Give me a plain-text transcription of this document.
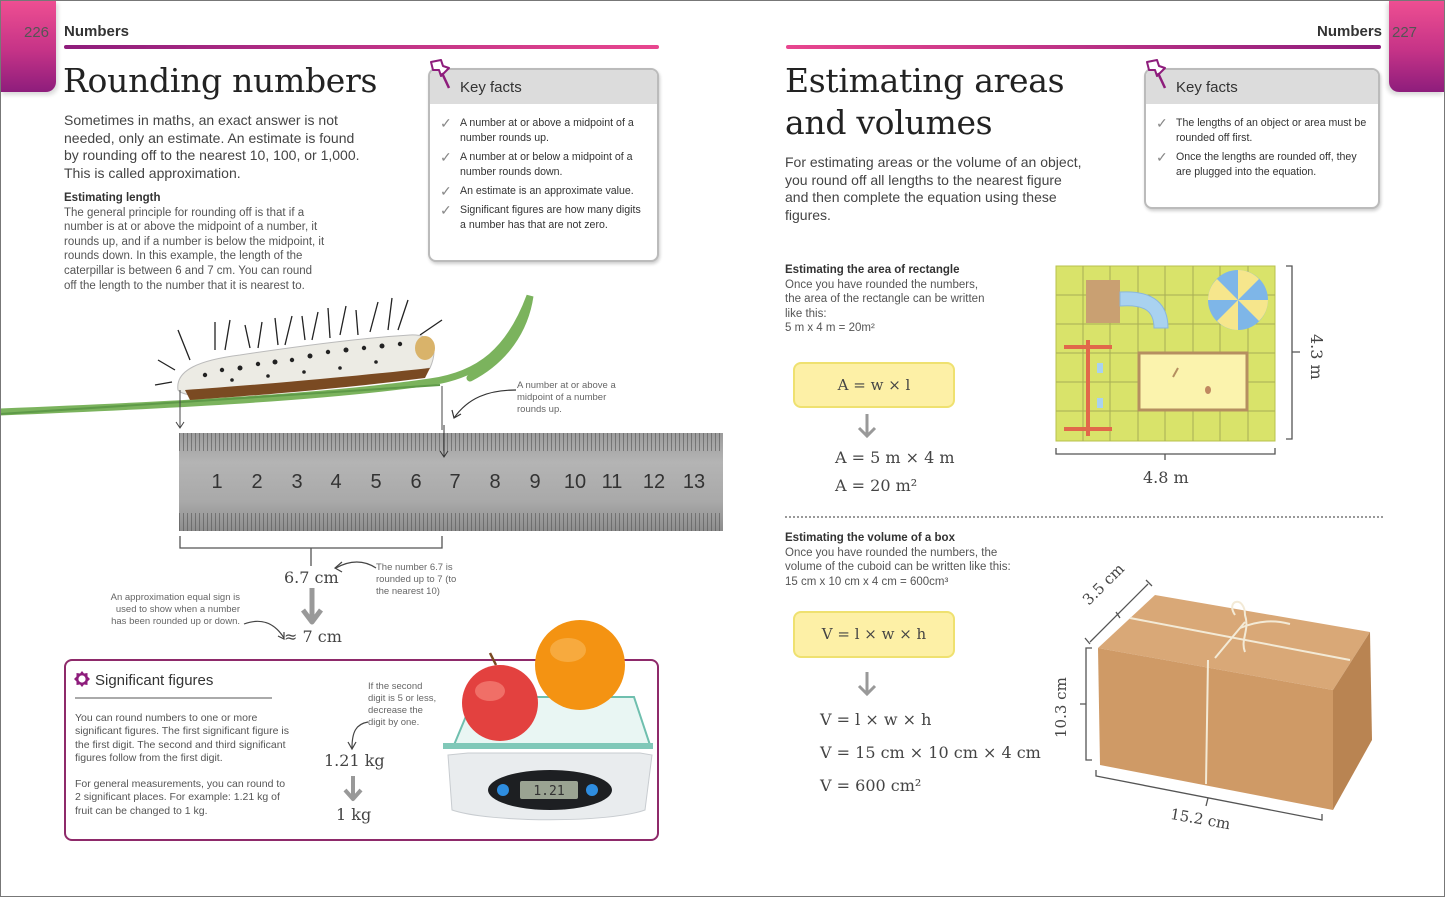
226 Numbers
Rounding numbers

Sometimes in maths, an exact answer is not needed, only an estimate. An estimate is found by rounding off to the nearest 10, 100, or 1,000. This is called approximation.

Estimating length
The general principle for rounding off is that if a number is at or above the midpoint of a number, it rounds up, and if a number is below the midpoint, it rounds down. In this example, the length of the caterpillar is between 6 and 7 cm. You can round off the length to the number that it is nearest to.
Key facts
✓ A number at or above a midpoint of a number rounds up.
✓ A number at or below a midpoint of a number rounds down.
✓ An estimate is an approximate value.
✓ Significant figures are how many digits a number has that are not zero.
A number at or above a midpoint of a number rounds up.
1 2 3 4 5 6 7 8 9 10 11 12 13
6.7 cm
The number 6.7 is rounded up to 7 (to the nearest 10)
An approximation equal sign is used to show when a number has been rounded up or down.
≈ 7 cm
Significant figures

You can round numbers to one or more significant figures. The first significant figure is the first digit. The second and third significant figures follow from the first digit.

For general measurements, you can round to 2 significant places. For example: 1.21 kg of fruit can be changed to 1 kg.

If the second digit is 5 or less, decrease the digit by one.
1.21 kg
1 kg
1.21
227
Numbers
Estimating areas
and volumes

For estimating areas or the volume of an object, you round off all lengths to the nearest figure and then complete the equation using these figures.

Key facts
✓ The lengths of an object or area must be rounded off first.
✓ Once the lengths are rounded off, they are plugged into the equation.
Estimating the area of rectangle
Once you have rounded the numbers, the area of the rectangle can be written like this:
5 m x 4 m = 20m²
A = w × l
A = 5 m × 4 m
A = 20 m²
4.3 m
4.8 m
Estimating the volume of a box
Once you have rounded the numbers, the volume of the cuboid can be written like this:
15 cm x 10 cm x 4 cm = 600cm³
V = l × w × h
V = l × w × h
V = 15 cm × 10 cm × 4 cm
V = 600 cm²
3.5 cm
10.3 cm
15.2 cm
